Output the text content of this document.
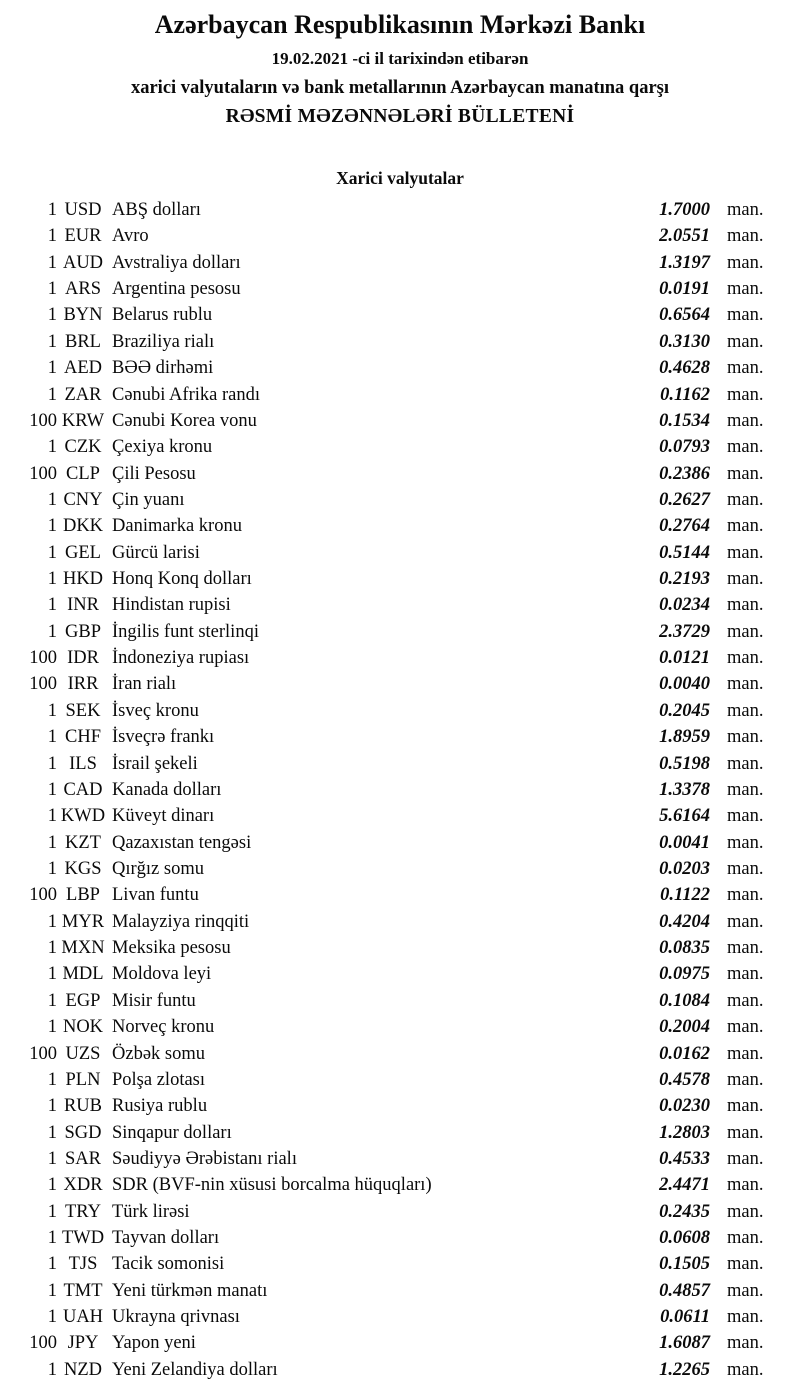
Azərbaycan Respublikasının Mərkəzi Bankı
19.02.2021 -ci il tarixindən etibarən
xarici valyutaların və bank metallarının Azərbaycan manatına qarşı
RƏSMİ MƏZƏNNƏLƏRİ BÜLLETENİ
Xarici valyutalar
1 USD ABŞ dolları	1.7000 man.
1 EUR Avro	2.0551 man.
1 AUD Avstraliya dolları	1.3197 man.
1 ARS Argentina pesosu	0.0191 man.
1 BYN Belarus rublu	0.6564 man.
1 BRL Braziliya rialı	0.3130 man.
1 AED BƏƏ dirhəmi	0.4628 man.
1 ZAR Cənubi Afrika randı	0.1162 man.
100 KRW Cənubi Korea vonu	0.1534 man.
1 CZK Çexiya kronu	0.0793 man.
100 CLP Çili Pesosu	0.2386 man.
1 CNY Çin yuanı	0.2627 man.
1 DKK Danimarka kronu	0.2764 man.
1 GEL Gürcü larisi	0.5144 man.
1 HKD Honq Konq dolları	0.2193 man.
1 INR Hindistan rupisi	0.0234 man.
1 GBP İngilis funt sterlinqi	2.3729 man.
100 IDR İndoneziya rupiası	0.0121 man.
100 IRR İran rialı	0.0040 man.
1 SEK İsveç kronu	0.2045 man.
1 CHF İsveçrə frankı	1.8959 man.
1 ILS İsrail şekeli	0.5198 man.
1 CAD Kanada dolları	1.3378 man.
1 KWD Küveyt dinarı	5.6164 man.
1 KZT Qazaxıstan tengəsi	0.0041 man.
1 KGS Qırğız somu	0.0203 man.
100 LBP Livan funtu	0.1122 man.
1 MYR Malayziya rinqqiti	0.4204 man.
1 MXN Meksika pesosu	0.0835 man.
1 MDL Moldova leyi	0.0975 man.
1 EGP Misir funtu	0.1084 man.
1 NOK Norveç kronu	0.2004 man.
100 UZS Özbək somu	0.0162 man.
1 PLN Polşa zlotası	0.4578 man.
1 RUB Rusiya rublu	0.0230 man.
1 SGD Sinqapur dolları	1.2803 man.
1 SAR Səudiyyə Ərəbistanı rialı	0.4533 man.
1 XDR SDR (BVF-nin xüsusi borcalma hüquqları)	2.4471 man.
1 TRY Türk lirəsi	0.2435 man.
1 TWD Tayvan dolları	0.0608 man.
1 TJS Tacik somonisi	0.1505 man.
1 TMT Yeni türkmən manatı	0.4857 man.
1 UAH Ukrayna qrivnası	0.0611 man.
100 JPY Yapon yeni	1.6087 man.
1 NZD Yeni Zelandiya dolları	1.2265 man.
